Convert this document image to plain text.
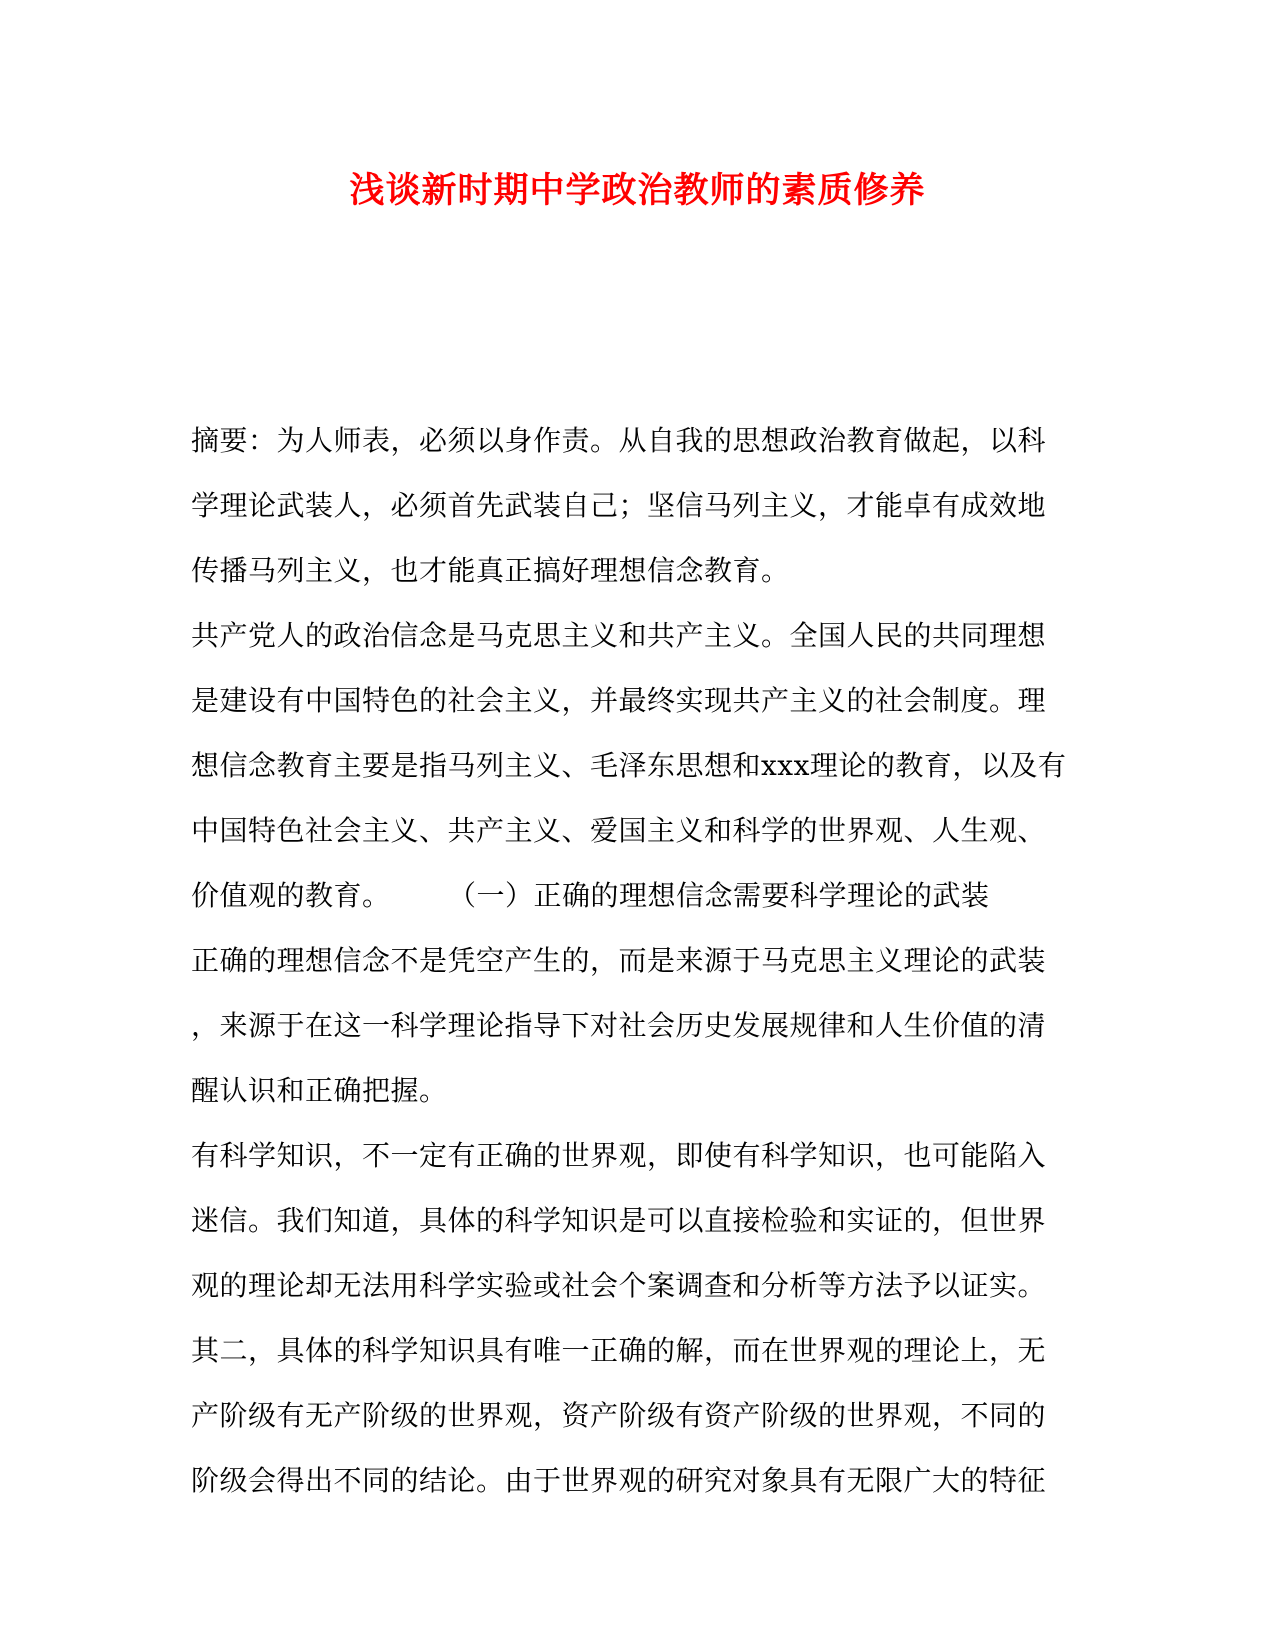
浅谈新时期中学政治教师的素质修养
摘要：为人师表，必须以身作责。从自我的思想政治教育做起，以科
学理论武装人，必须首先武装自己；坚信马列主义，才能卓有成效地
传播马列主义，也才能真正搞好理想信念教育。
共产党人的政治信念是马克思主义和共产主义。全国人民的共同理想
是建设有中国特色的社会主义，并最终实现共产主义的社会制度。理
想信念教育主要是指马列主义、毛泽东思想和xxx理论的教育，以及有
中国特色社会主义、共产主义、爱国主义和科学的世界观、人生观、
价值观的教育。　　　（一）正确的理想信念需要科学理论的武装
正确的理想信念不是凭空产生的，而是来源于马克思主义理论的武装
，来源于在这一科学理论指导下对社会历史发展规律和人生价值的清
醒认识和正确把握。
有科学知识，不一定有正确的世界观，即使有科学知识，也可能陷入
迷信。我们知道，具体的科学知识是可以直接检验和实证的，但世界
观的理论却无法用科学实验或社会个案调查和分析等方法予以证实。
其二，具体的科学知识具有唯一正确的解，而在世界观的理论上，无
产阶级有无产阶级的世界观，资产阶级有资产阶级的世界观，不同的
阶级会得出不同的结论。由于世界观的研究对象具有无限广大的特征
